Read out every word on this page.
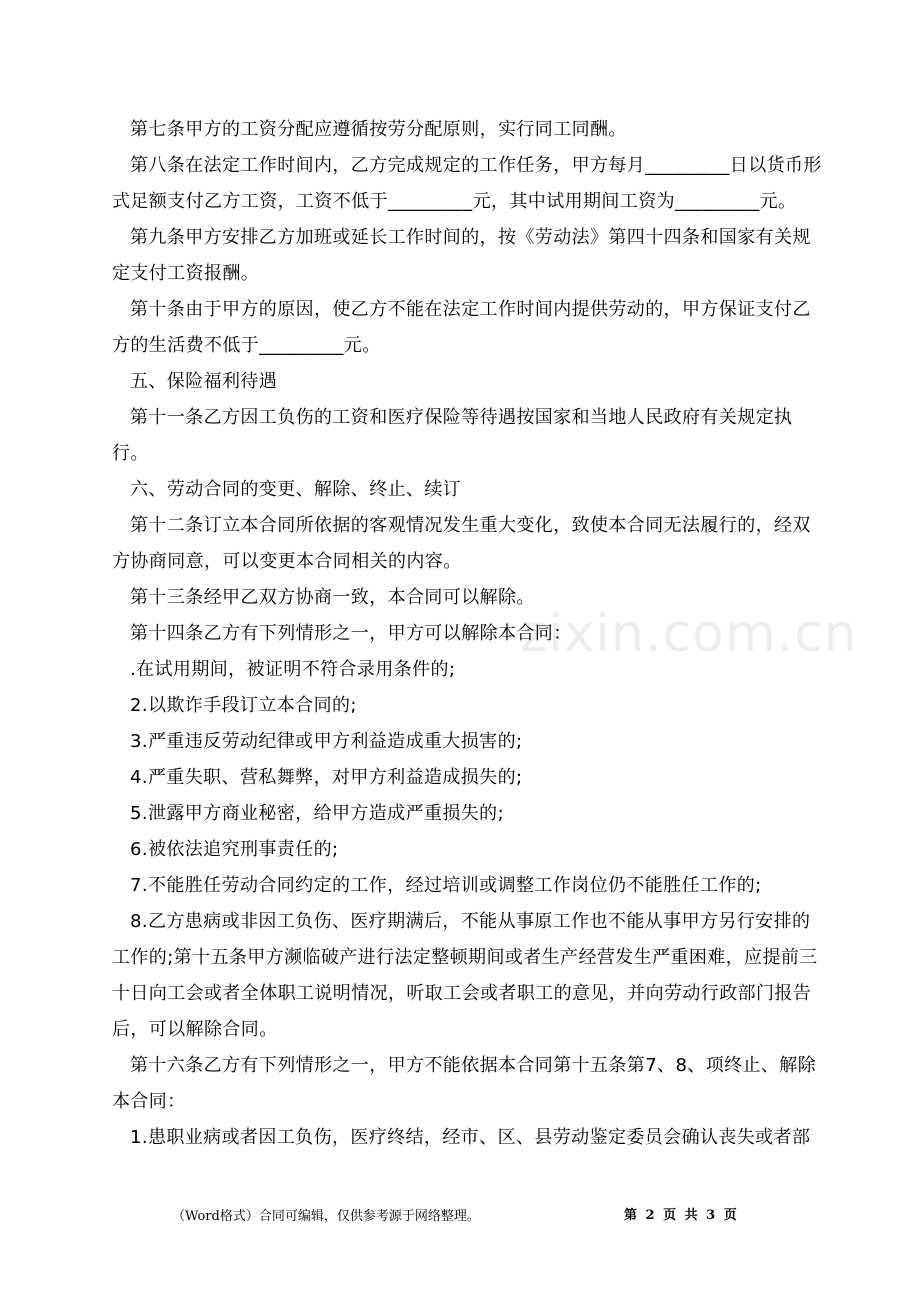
第七条甲方的工资分配应遵循按劳分配原则，实行同工同酬。

第八条在法定工作时间内，乙方完成规定的工作任务，甲方每月_________日以货币形式足额支付乙方工资，工资不低于_________元，其中试用期间工资为_________元。

第九条甲方安排乙方加班或延长工作时间的，按《劳动法》第四十四条和国家有关规定支付工资报酬。

第十条由于甲方的原因，使乙方不能在法定工作时间内提供劳动的，甲方保证支付乙方的生活费不低于_________元。

五、保险福利待遇

第十一条乙方因工负伤的工资和医疗保险等待遇按国家和当地人民政府有关规定执行。

六、劳动合同的变更、解除、终止、续订

第十二条订立本合同所依据的客观情况发生重大变化，致使本合同无法履行的，经双方协商同意，可以变更本合同相关的内容。

第十三条经甲乙双方协商一致，本合同可以解除。

第十四条乙方有下列情形之一，甲方可以解除本合同：

.在试用期间，被证明不符合录用条件的;

2.以欺诈手段订立本合同的;

3.严重违反劳动纪律或甲方利益造成重大损害的;

4.严重失职、营私舞弊，对甲方利益造成损失的;

5.泄露甲方商业秘密，给甲方造成严重损失的;

6.被依法追究刑事责任的;

7.不能胜任劳动合同约定的工作，经过培训或调整工作岗位仍不能胜任工作的;

8.乙方患病或非因工负伤、医疗期满后，不能从事原工作也不能从事甲方另行安排的工作的;第十五条甲方濒临破产进行法定整顿期间或者生产经营发生严重困难，应提前三十日向工会或者全体职工说明情况，听取工会或者职工的意见，并向劳动行政部门报告后，可以解除合同。

第十六条乙方有下列情形之一，甲方不能依据本合同第十五条第7、8、项终止、解除本合同：

1.患职业病或者因工负伤，医疗终结，经市、区、县劳动鉴定委员会确认丧失或者部

zixin.com.cn
（Word格式）合同可编辑，仅供参考源于网络整理。	第 2 页 共 3 页
